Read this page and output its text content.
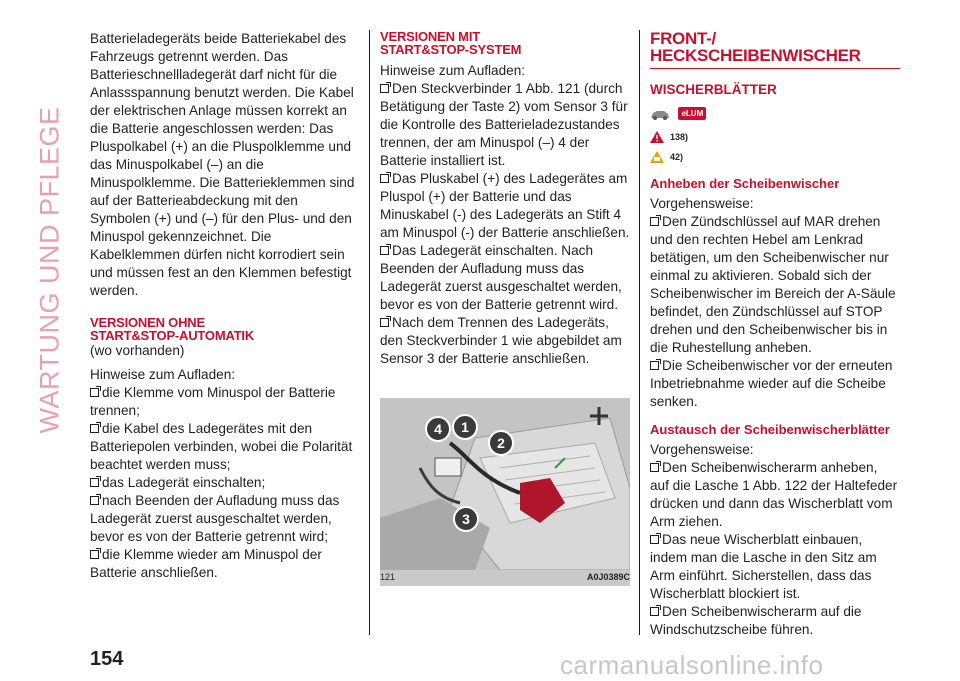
WARTUNG UND PFLEGE

Batterieladegeräts beide Batteriekabel des Fahrzeugs getrennt werden. Das Batterieschnellladegerät darf nicht für die Anlassspannung benutzt werden. Die Kabel der elektrischen Anlage müssen korrekt an die Batterie angeschlossen werden: Das Pluspolkabel (+) an die Pluspolklemme und das Minuspolkabel (–) an die Minuspolklemme. Die Batterieklemmen sind auf der Batterieabdeckung mit den Symbolen (+) und (–) für den Plus- und den Minuspol gekennzeichnet. Die Kabelklemmen dürfen nicht korrodiert sein und müssen fest an den Klemmen befestigt werden.

VERSIONEN OHNE

START&STOP-AUTOMATIK

(wo vorhanden)

Hinweise zum Aufladen:

die Klemme vom Minuspol der Batterie trennen;

die Kabel des Ladegerätes mit den Batteriepolen verbinden, wobei die Polarität beachtet werden muss;

das Ladegerät einschalten;

nach Beenden der Aufladung muss das Ladegerät zuerst ausgeschaltet werden, bevor es von der Batterie getrennt wird;

die Klemme wieder am Minuspol der Batterie anschließen.

VERSIONEN MIT

START&STOP-SYSTEM

Hinweise zum Aufladen:

Den Steckverbinder 1 Abb. 121 (durch Betätigung der Taste 2) vom Sensor 3 für die Kontrolle des Batterieladezustandes trennen, der am Minuspol (–) 4 der Batterie installiert ist.

Das Pluskabel (+) des Ladegerätes am Pluspol (+) der Batterie und das Minuskabel (-) des Ladegeräts an Stift 4 am Minuspol (-) der Batterie anschließen.

Das Ladegerät einschalten. Nach Beenden der Aufladung muss das Ladegerät zuerst ausgeschaltet werden, bevor es von der Batterie getrennt wird.

Nach dem Trennen des Ladegeräts, den Steckverbinder 1 wie abgebildet am Sensor 3 der Batterie anschließen.

4	1
2
3
121	A0J0389C
FRONT-/
HECKSCHEIBENWISCHER

WISCHERBLÄTTER

eLUM
138)
42)

Anheben der Scheibenwischer

Vorgehensweise:

Den Zündschlüssel auf MAR drehen und den rechten Hebel am Lenkrad betätigen, um den Scheibenwischer nur einmal zu aktivieren. Sobald sich der Scheibenwischer im Bereich der A-Säule befindet, den Zündschlüssel auf STOP drehen und den Scheibenwischer bis in die Ruhestellung anheben.

Die Scheibenwischer vor der erneuten Inbetriebnahme wieder auf die Scheibe senken.

Austausch der Scheibenwischerblätter

Vorgehensweise:

Den Scheibenwischerarm anheben, auf die Lasche 1 Abb. 122 der Haltefeder drücken und dann das Wischerblatt vom Arm ziehen.

Das neue Wischerblatt einbauen, indem man die Lasche in den Sitz am Arm einführt. Sicherstellen, dass das Wischerblatt blockiert ist.

Den Scheibenwischerarm auf die Windschutzscheibe führen.

154	carmanualsonline.info
